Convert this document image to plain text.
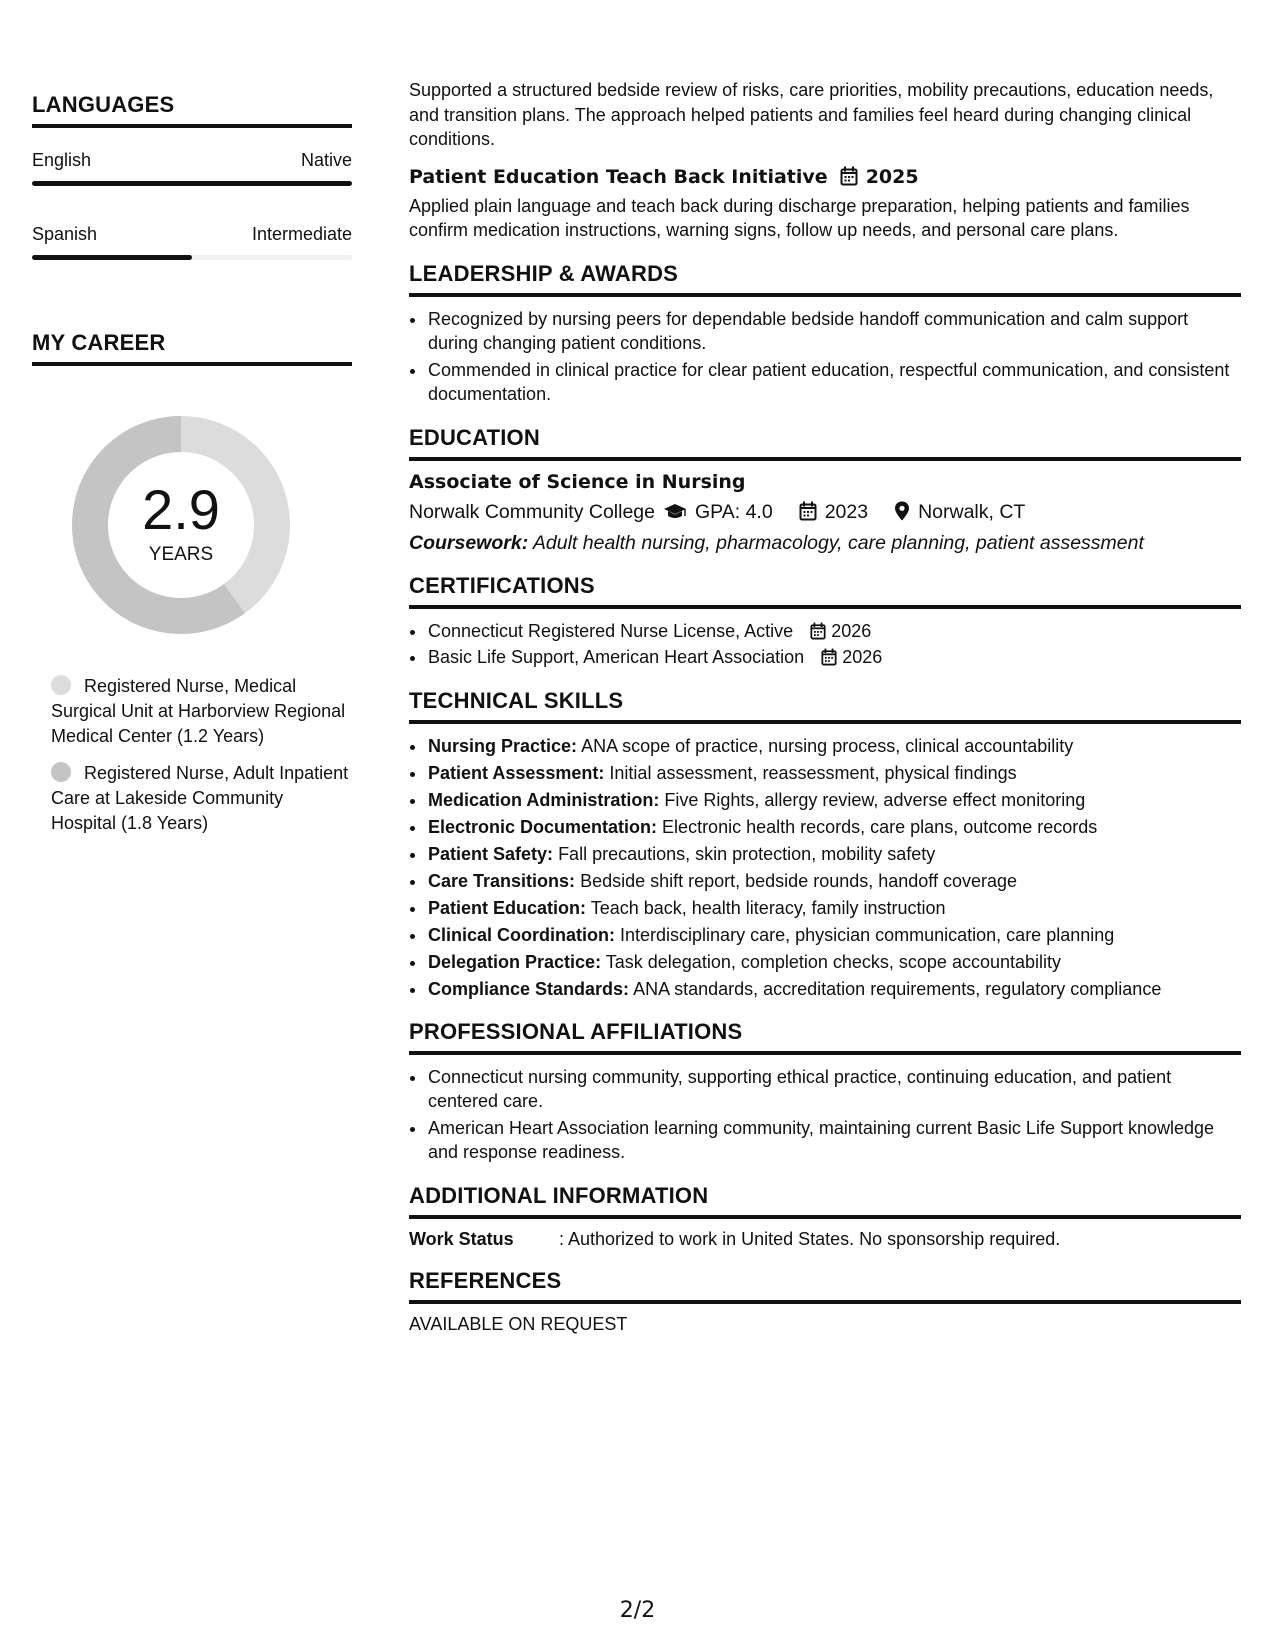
LANGUAGES
English	Native
Spanish	Intermediate
MY CAREER
2.9
YEARS
Registered Nurse, Medical Surgical Unit at Harborview Regional Medical Center (1.2 Years)
Registered Nurse, Adult Inpatient Care at Lakeside Community Hospital (1.8 Years)

Supported a structured bedside review of risks, care priorities, mobility precautions, education needs, and transition plans. The approach helped patients and families feel heard during changing clinical conditions.

Patient Education Teach Back Initiative 2025

Applied plain language and teach back during discharge preparation, helping patients and families confirm medication instructions, warning signs, follow up needs, and personal care plans.

LEADERSHIP & AWARDS
• Recognized by nursing peers for dependable bedside handoff communication and calm support during changing patient conditions.
• Commended in clinical practice for clear patient education, respectful communication, and consistent documentation.
EDUCATION
Associate of Science in Nursing
Norwalk Community College GPA: 4.0	2023	Norwalk, CT

Coursework: Adult health nursing, pharmacology, care planning, patient assessment

CERTIFICATIONS
• Connecticut Registered Nurse License, Active 2026
• Basic Life Support, American Heart Association 2026
TECHNICAL SKILLS
• Nursing Practice: ANA scope of practice, nursing process, clinical accountability
• Patient Assessment: Initial assessment, reassessment, physical findings
• Medication Administration: Five Rights, allergy review, adverse effect monitoring
• Electronic Documentation: Electronic health records, care plans, outcome records
• Patient Safety: Fall precautions, skin protection, mobility safety
• Care Transitions: Bedside shift report, bedside rounds, handoff coverage
• Patient Education: Teach back, health literacy, family instruction
• Clinical Coordination: Interdisciplinary care, physician communication, care planning
• Delegation Practice: Task delegation, completion checks, scope accountability
• Compliance Standards: ANA standards, accreditation requirements, regulatory compliance
PROFESSIONAL AFFILIATIONS
• Connecticut nursing community, supporting ethical practice, continuing education, and patient centered care.
• American Heart Association learning community, maintaining current Basic Life Support knowledge and response readiness.
ADDITIONAL INFORMATION
Work Status	: Authorized to work in United States. No sponsorship required.
REFERENCES

AVAILABLE ON REQUEST

2/2
